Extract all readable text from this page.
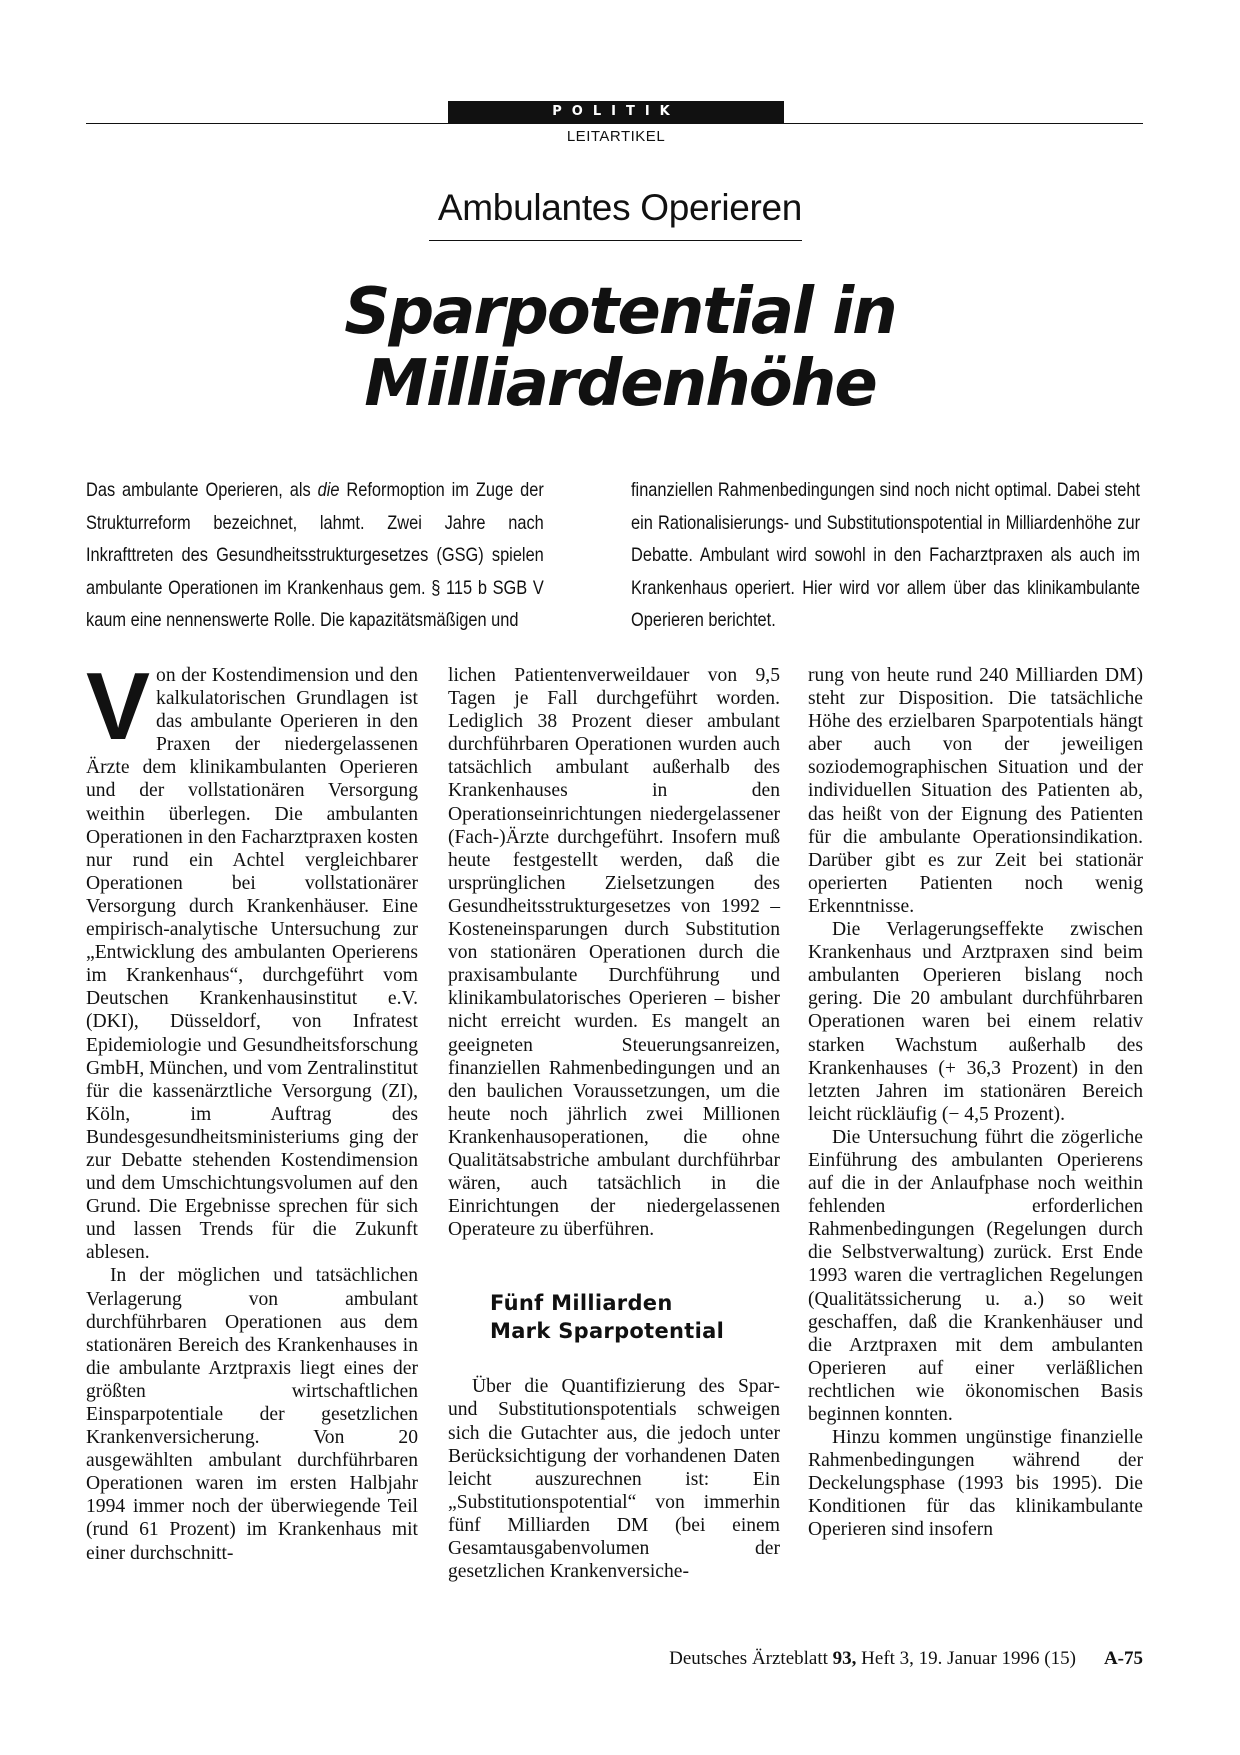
POLITIK
LEITARTIKEL
Ambulantes Operieren
Sparpotential in
Milliardenhöhe
Das ambulante Operieren, als die Reformoption im Zuge der Strukturreform bezeichnet, lahmt. Zwei Jahre nach Inkrafttreten des Gesundheitsstrukturgesetzes (GSG) spielen ambulante Operationen im Krankenhaus gem. § 115 b SGB V kaum eine nennenswerte Rolle. Die kapazitätsmäßigen und
finanziellen Rahmenbedingungen sind noch nicht optimal. Dabei steht ein Rationalisierungs- und Substitutionspotential in Milliardenhöhe zur Debatte. Ambulant wird sowohl in den Facharztpraxen als auch im Krankenhaus operiert. Hier wird vor allem über das klinikambulante Operieren berichtet.

Von der Kostendimension und den kalkulatorischen Grundlagen ist das ambulante Operieren in den Praxen der niedergelassenen Ärzte dem klinikambulanten Operieren und der vollstationären Versorgung weithin überlegen. Die ambulanten Operationen in den Facharztpraxen kosten nur rund ein Achtel vergleichbarer Operationen bei vollstationärer Versorgung durch Krankenhäuser. Eine empirisch-analytische Untersuchung zur „Entwicklung des ambulanten Operierens im Krankenhaus“, durchgeführt vom Deutschen Krankenhausinstitut e.V. (DKI), Düsseldorf, von Infratest Epidemiologie und Gesundheitsforschung GmbH, München, und vom Zentralinstitut für die kassenärztliche Versorgung (ZI), Köln, im Auftrag des Bundesgesundheitsministeriums ging der zur Debatte stehenden Kostendimension und dem Umschichtungsvolumen auf den Grund. Die Ergebnisse sprechen für sich und lassen Trends für die Zukunft ablesen.

In der möglichen und tatsächlichen Verlagerung von ambulant durchführbaren Operationen aus dem stationären Bereich des Krankenhauses in die ambulante Arztpraxis liegt eines der größten wirtschaftlichen Einsparpotentiale der gesetzlichen Krankenversicherung. Von 20 ausgewählten ambulant durchführbaren Operationen waren im ersten Halbjahr 1994 immer noch der überwiegende Teil (rund 61 Prozent) im Krankenhaus mit einer durchschnitt-

lichen Patientenverweildauer von 9,5 Tagen je Fall durchgeführt worden. Lediglich 38 Prozent dieser ambulant durchführbaren Operationen wurden auch tatsächlich ambulant außerhalb des Krankenhauses in den Operationseinrichtungen niedergelassener (Fach-)Ärzte durchgeführt. Insofern muß heute festgestellt werden, daß die ursprünglichen Zielsetzungen des Gesundheitsstrukturgesetzes von 1992 – Kosteneinsparungen durch Substitution von stationären Operationen durch die praxisambulante Durchführung und klinikambulatorisches Operieren – bisher nicht erreicht wurden. Es mangelt an geeigneten Steuerungsanreizen, finanziellen Rahmenbedingungen und an den baulichen Voraussetzungen, um die heute noch jährlich zwei Millionen Krankenhausoperationen, die ohne Qualitätsabstriche ambulant durchführbar wären, auch tatsächlich in die Einrichtungen der niedergelassenen Operateure zu überführen.

Fünf Milliarden
Mark Sparpotential

Über die Quantifizierung des Spar- und Substitutionspotentials schweigen sich die Gutachter aus, die jedoch unter Berücksichtigung der vorhandenen Daten leicht auszurechnen ist: Ein „Substitutionspotential“ von immerhin fünf Milliarden DM (bei einem Gesamtausgabenvolumen der gesetzlichen Krankenversiche-

rung von heute rund 240 Milliarden DM) steht zur Disposition. Die tatsächliche Höhe des erzielbaren Sparpotentials hängt aber auch von der jeweiligen soziodemographischen Situation und der individuellen Situation des Patienten ab, das heißt von der Eignung des Patienten für die ambulante Operationsindikation. Darüber gibt es zur Zeit bei stationär operierten Patienten noch wenig Erkenntnisse.

Die Verlagerungseffekte zwischen Krankenhaus und Arztpraxen sind beim ambulanten Operieren bislang noch gering. Die 20 ambulant durchführbaren Operationen waren bei einem relativ starken Wachstum außerhalb des Krankenhauses (+ 36,3 Prozent) in den letzten Jahren im stationären Bereich leicht rückläufig (− 4,5 Prozent).

Die Untersuchung führt die zögerliche Einführung des ambulanten Operierens auf die in der Anlaufphase noch weithin fehlenden erforderlichen Rahmenbedingungen (Regelungen durch die Selbstverwaltung) zurück. Erst Ende 1993 waren die vertraglichen Regelungen (Qualitätssicherung u. a.) so weit geschaffen, daß die Krankenhäuser und die Arztpraxen mit dem ambulanten Operieren auf einer verläßlichen rechtlichen wie ökonomischen Basis beginnen konnten.

Hinzu kommen ungünstige finanzielle Rahmenbedingungen während der Deckelungsphase (1993 bis 1995). Die Konditionen für das klinikambulante Operieren sind insofern

Deutsches Ärzteblatt 93, Heft 3, 19. Januar 1996 (15) A-75
